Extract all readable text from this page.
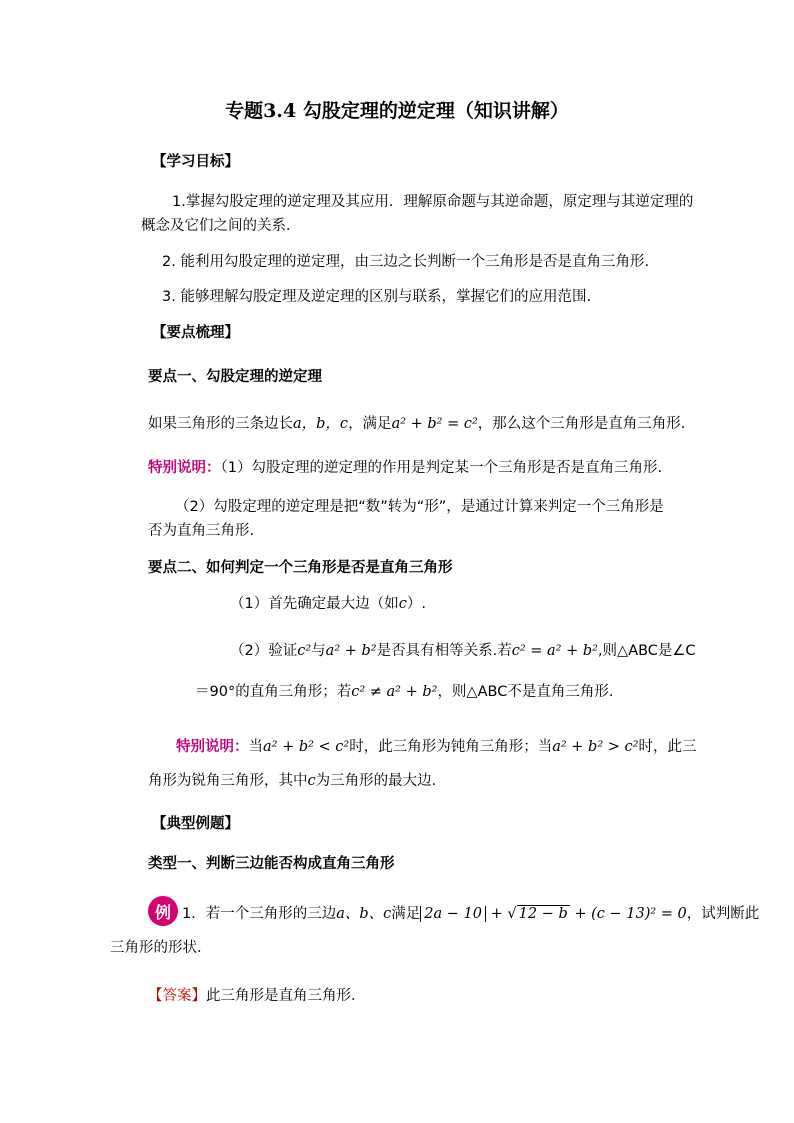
专题3.4 勾股定理的逆定理（知识讲解）
【学习目标】
1.掌握勾股定理的逆定理及其应用．理解原命题与其逆命题，原定理与其逆定理的
概念及它们之间的关系．
2. 能利用勾股定理的逆定理，由三边之长判断一个三角形是否是直角三角形.
3. 能够理解勾股定理及逆定理的区别与联系，掌握它们的应用范围.
【要点梳理】
要点一、勾股定理的逆定理
如果三角形的三条边长a，b，c，满足a² + b² = c²，那么这个三角形是直角三角形.
特别说明：（1）勾股定理的逆定理的作用是判定某一个三角形是否是直角三角形.
（2）勾股定理的逆定理是把“数”转为“形”，是通过计算来判定一个三角形是
否为直角三角形.
要点二、如何判定一个三角形是否是直角三角形
（1）首先确定最大边（如c）.
（2）验证c²与a² + b²是否具有相等关系.若c² = a² + b²,则△ABC是∠C
＝90°的直角三角形；若c² ≠ a² + b²，则△ABC不是直角三角形.
特别说明：当a² + b² < c²时，此三角形为钝角三角形；当a² + b² > c²时，此三
角形为锐角三角形，其中c为三角形的最大边.
【典型例题】
类型一、判断三边能否构成直角三角形
例 1．若一个三角形的三边a、b、c满足 2a − 10 + √ 12 − b + (c − 13)² = 0，试判断此
三角形的形状．
【答案】此三角形是直角三角形．
